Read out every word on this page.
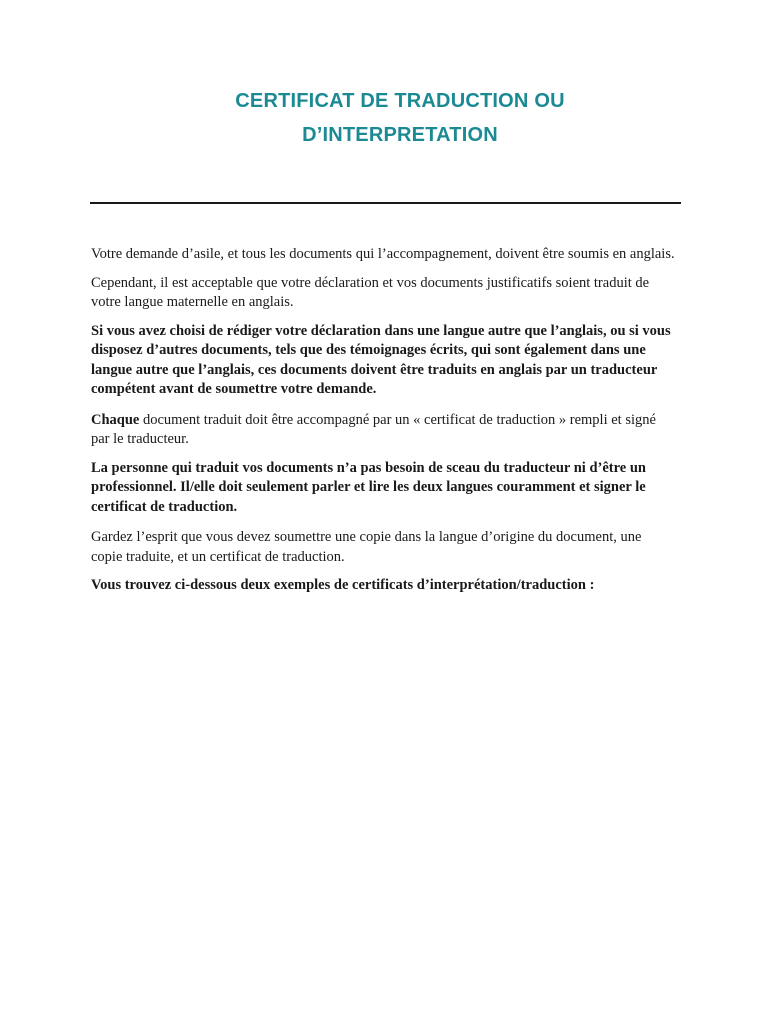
CERTIFICAT DE TRADUCTION OU
D’INTERPRETATION

Votre demande d’asile, et tous les documents qui l’accompagnement, doivent être soumis en anglais.

Cependant, il est acceptable que votre déclaration et vos documents justificatifs soient traduit de votre langue maternelle en anglais.

Si vous avez choisi de rédiger votre déclaration dans une langue autre que l’anglais, ou si vous disposez d’autres documents, tels que des témoignages écrits, qui sont également dans une langue autre que l’anglais, ces documents doivent être traduits en anglais par un traducteur compétent avant de soumettre votre demande.

Chaque document traduit doit être accompagné par un « certificat de traduction » rempli et signé par le traducteur.

La personne qui traduit vos documents n’a pas besoin de sceau du traducteur ni d’être un professionnel. Il/elle doit seulement parler et lire les deux langues couramment et signer le certificat de traduction.

Gardez l’esprit que vous devez soumettre une copie dans la langue d’origine du document, une copie traduite, et un certificat de traduction.

Vous trouvez ci-dessous deux exemples de certificats d’interprétation/traduction :
